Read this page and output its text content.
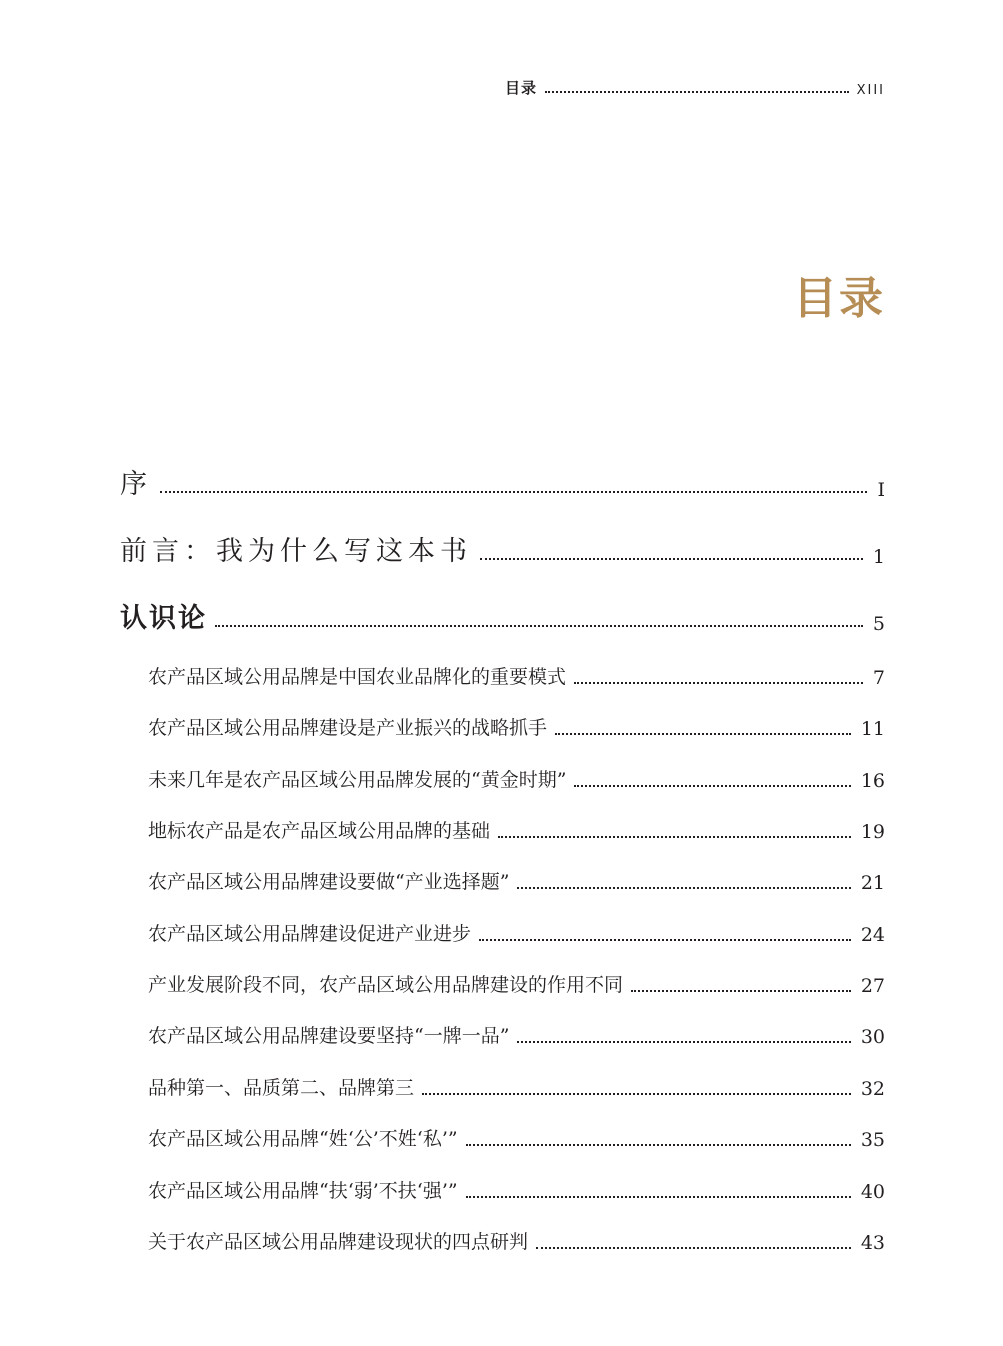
目录	XIII
目录
序	I
前言：我为什么写这本书	1
认识论	5
农产品区域公用品牌是中国农业品牌化的重要模式	7
农产品区域公用品牌建设是产业振兴的战略抓手	11
未来几年是农产品区域公用品牌发展的“黄金时期”	16
地标农产品是农产品区域公用品牌的基础	19
农产品区域公用品牌建设要做“产业选择题”	21
农产品区域公用品牌建设促进产业进步	24
产业发展阶段不同，农产品区域公用品牌建设的作用不同	27
农产品区域公用品牌建设要坚持“一牌一品”	30
品种第一、品质第二、品牌第三	32
农产品区域公用品牌“姓‘公’不姓‘私’”	35
农产品区域公用品牌“扶‘弱’不扶‘强’”	40
关于农产品区域公用品牌建设现状的四点研判	43
